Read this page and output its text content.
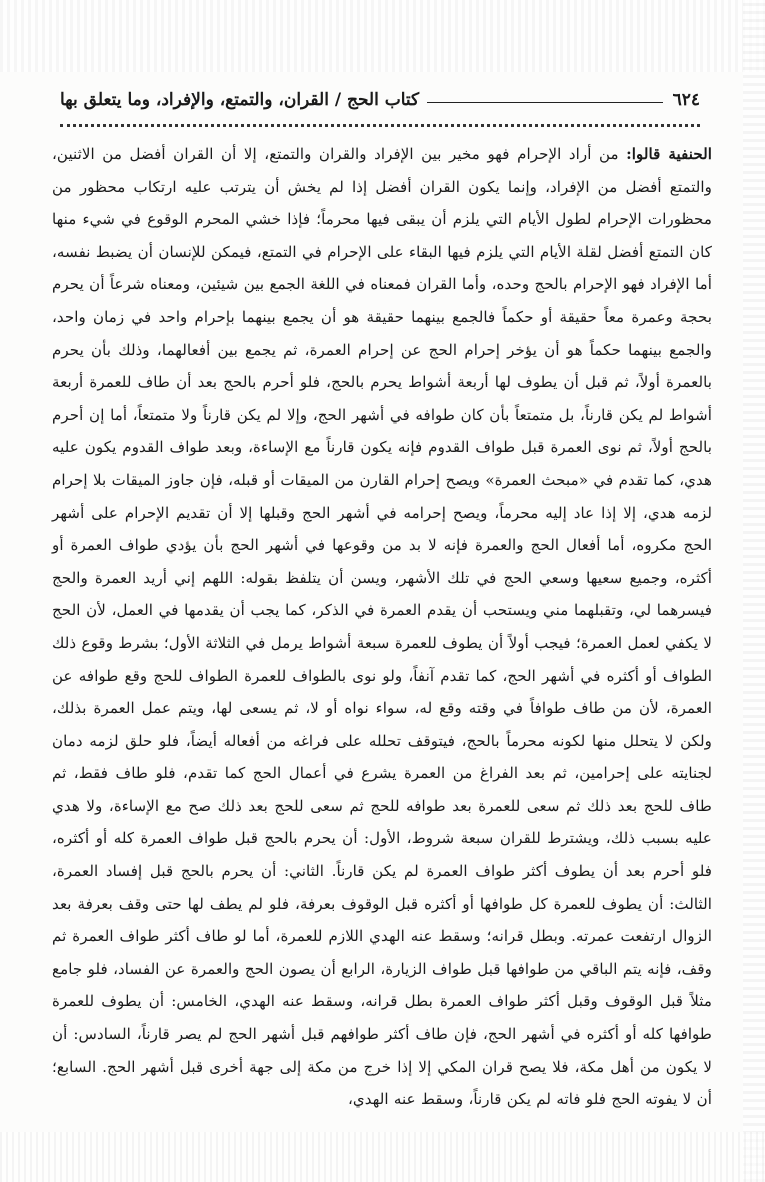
٦٢٤
كتاب الحج / القران، والتمتع، والإفراد، وما يتعلق بها
الحنفية قالوا: من أراد الإحرام فهو مخير بين الإفراد والقران والتمتع، إلا أن القران أفضل من الاثنين، والتمتع أفضل من الإفراد، وإنما يكون القران أفضل إذا لم يخش أن يترتب عليه ارتكاب محظور من محظورات الإحرام لطول الأيام التي يلزم أن يبقى فيها محرماً؛ فإذا خشي المحرم الوقوع في شيء منها كان التمتع أفضل لقلة الأيام التي يلزم فيها البقاء على الإحرام في التمتع، فيمكن للإنسان أن يضبط نفسه، أما الإفراد فهو الإحرام بالحج وحده، وأما القران فمعناه في اللغة الجمع بين شيئين، ومعناه شرعاً أن يحرم بحجة وعمرة معاً حقيقة أو حكماً فالجمع بينهما حقيقة هو أن يجمع بينهما بإحرام واحد في زمان واحد، والجمع بينهما حكماً هو أن يؤخر إحرام الحج عن إحرام العمرة، ثم يجمع بين أفعالهما، وذلك بأن يحرم بالعمرة أولاً، ثم قبل أن يطوف لها أربعة أشواط يحرم بالحج، فلو أحرم بالحج بعد أن طاف للعمرة أربعة أشواط لم يكن قارناً، بل متمتعاً بأن كان طوافه في أشهر الحج، وإلا لم يكن قارناً ولا متمتعاً، أما إن أحرم بالحج أولاً، ثم نوى العمرة قبل طواف القدوم فإنه يكون قارناً مع الإساءة، وبعد طواف القدوم يكون عليه هدي، كما تقدم في «مبحث العمرة» ويصح إحرام القارن من الميقات أو قبله، فإن جاوز الميقات بلا إحرام لزمه هدي، إلا إذا عاد إليه محرماً، ويصح إحرامه في أشهر الحج وقبلها إلا أن تقديم الإحرام على أشهر الحج مكروه، أما أفعال الحج والعمرة فإنه لا بد من وقوعها في أشهر الحج بأن يؤدي طواف العمرة أو أكثره، وجميع سعيها وسعي الحج في تلك الأشهر، ويسن أن يتلفظ بقوله: اللهم إني أريد العمرة والحج فيسرهما لي، وتقبلهما مني ويستحب أن يقدم العمرة في الذكر، كما يجب أن يقدمها في العمل، لأن الحج لا يكفي لعمل العمرة؛ فيجب أولاً أن يطوف للعمرة سبعة أشواط يرمل في الثلاثة الأول؛ بشرط وقوع ذلك الطواف أو أكثره في أشهر الحج، كما تقدم آنفاً، ولو نوى بالطواف للعمرة الطواف للحج وقع طوافه عن العمرة، لأن من طاف طوافاً في وقته وقع له، سواء نواه أو لا، ثم يسعى لها، ويتم عمل العمرة بذلك، ولكن لا يتحلل منها لكونه محرماً بالحج، فيتوقف تحلله على فراغه من أفعاله أيضاً، فلو حلق لزمه دمان لجنايته على إحرامين، ثم بعد الفراغ من العمرة يشرع في أعمال الحج كما تقدم، فلو طاف فقط، ثم طاف للحج بعد ذلك ثم سعى للعمرة بعد طوافه للحج ثم سعى للحج بعد ذلك صح مع الإساءة، ولا هدي عليه بسبب ذلك، ويشترط للقران سبعة شروط، الأول: أن يحرم بالحج قبل طواف العمرة كله أو أكثره، فلو أحرم بعد أن يطوف أكثر طواف العمرة لم يكن قارناً. الثاني: أن يحرم بالحج قبل إفساد العمرة، الثالث: أن يطوف للعمرة كل طوافها أو أكثره قبل الوقوف بعرفة، فلو لم يطف لها حتى وقف بعرفة بعد الزوال ارتفعت عمرته. وبطل قرانه؛ وسقط عنه الهدي اللازم للعمرة، أما لو طاف أكثر طواف العمرة ثم وقف، فإنه يتم الباقي من طوافها قبل طواف الزيارة، الرابع أن يصون الحج والعمرة عن الفساد، فلو جامع مثلاً قبل الوقوف وقبل أكثر طواف العمرة بطل قرانه، وسقط عنه الهدي، الخامس: أن يطوف للعمرة طوافها كله أو أكثره في أشهر الحج، فإن طاف أكثر طوافهم قبل أشهر الحج لم يصر قارناً، السادس: أن لا يكون من أهل مكة، فلا يصح قران المكي إلا إذا خرج من مكة إلى جهة أخرى قبل أشهر الحج. السابع؛ أن لا يفوته الحج فلو فاته لم يكن قارناً، وسقط عنه الهدي،
